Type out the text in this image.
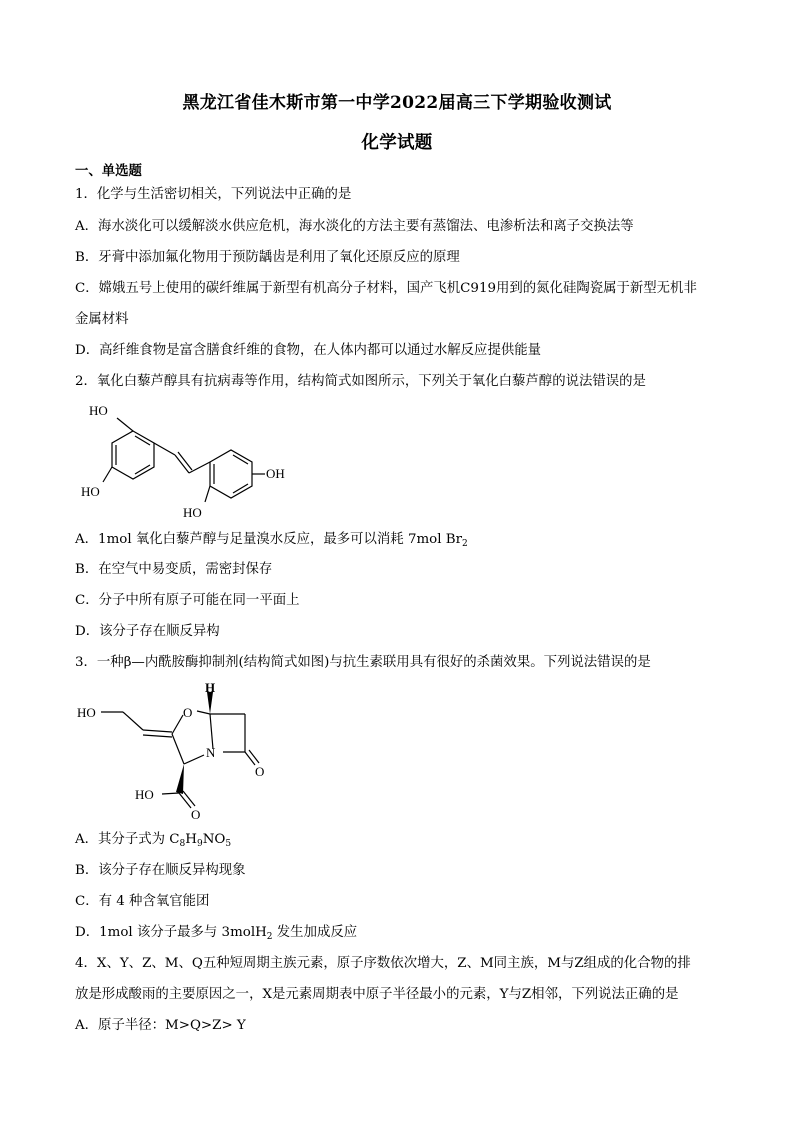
黑龙江省佳木斯市第一中学2022届高三下学期验收测试
化学试题
一、单选题
1．化学与生活密切相关，下列说法中正确的是
A．海水淡化可以缓解淡水供应危机，海水淡化的方法主要有蒸馏法、电渗析法和离子交换法等
B．牙膏中添加氟化物用于预防龋齿是利用了氧化还原反应的原理
C．嫦娥五号上使用的碳纤维属于新型有机高分子材料，国产飞机C919用到的氮化硅陶瓷属于新型无机非
金属材料
D．高纤维食物是富含膳食纤维的食物，在人体内都可以通过水解反应提供能量
2．氧化白藜芦醇具有抗病毒等作用，结构简式如图所示，下列关于氧化白藜芦醇的说法错误的是
HO
HO
OH
HO
A．1mol 氧化白藜芦醇与足量溴水反应，最多可以消耗 7mol $Br_2$
B．在空气中易变质，需密封保存
C．分子中所有原子可能在同一平面上
D．该分子存在顺反异构
3．一种β—内酰胺酶抑制剂(结构简式如图)与抗生素联用具有很好的杀菌效果。下列说法错误的是
H
HO	O
N
O
HO
O
A．其分子式为 $C_8H_9NO_5$
B．该分子存在顺反异构现象
C．有 4 种含氧官能团
D．1mol 该分子最多与 3molH$_2$ 发生加成反应
4．X、Y、Z、M、Q五种短周期主族元素，原子序数依次增大，Z、M同主族，M与Z组成的化合物的排
放是形成酸雨的主要原因之一，X是元素周期表中原子半径最小的元素，Y与Z相邻，下列说法正确的是
A．原子半径：M>Q>Z> Y
